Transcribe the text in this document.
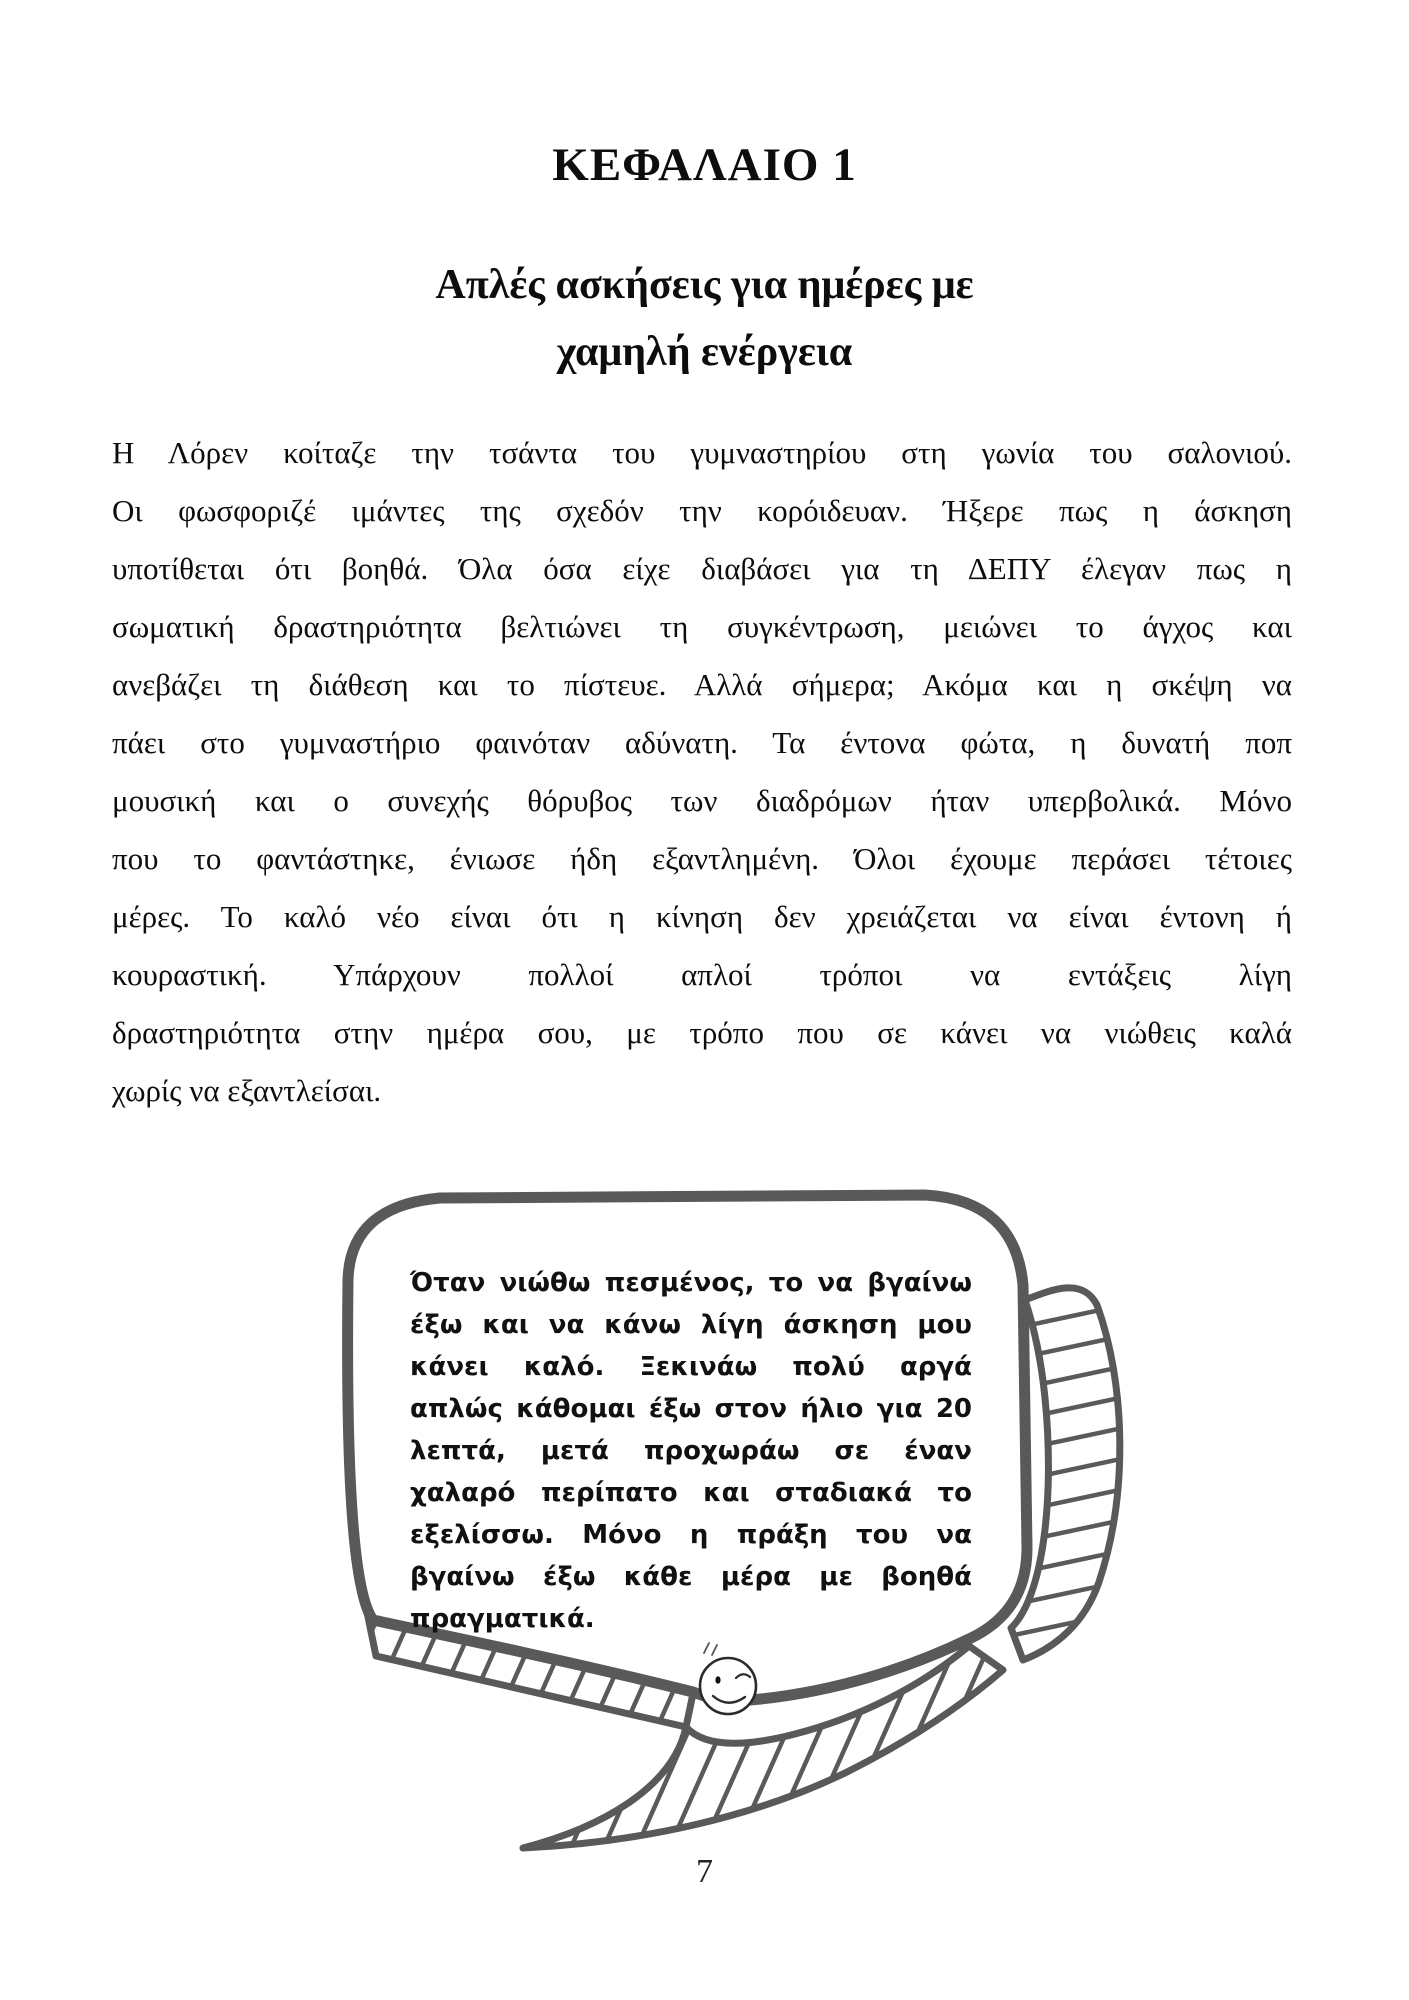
ΚΕΦΑΛΑΙΟ 1
Απλές ασκήσεις για ημέρες με
χαμηλή ενέργεια
Η Λόρεν κοίταζε την τσάντα του γυμναστηρίου στη γωνία του σαλονιού.
Οι φωσφοριζέ ιμάντες της σχεδόν την κορόιδευαν. Ήξερε πως η άσκηση
υποτίθεται ότι βοηθά. Όλα όσα είχε διαβάσει για τη ΔΕΠΥ έλεγαν πως η
σωματική δραστηριότητα βελτιώνει τη συγκέντρωση, μειώνει το άγχος και
ανεβάζει τη διάθεση και το πίστευε. Αλλά σήμερα; Ακόμα και η σκέψη να
πάει στο γυμναστήριο φαινόταν αδύνατη. Τα έντονα φώτα, η δυνατή ποπ
μουσική και ο συνεχής θόρυβος των διαδρόμων ήταν υπερβολικά. Μόνο
που το φαντάστηκε, ένιωσε ήδη εξαντλημένη. Όλοι έχουμε περάσει τέτοιες
μέρες. Το καλό νέο είναι ότι η κίνηση δεν χρειάζεται να είναι έντονη ή
κουραστική. Υπάρχουν πολλοί απλοί τρόποι να εντάξεις λίγη
δραστηριότητα στην ημέρα σου, με τρόπο που σε κάνει να νιώθεις καλά
χωρίς να εξαντλείσαι.
Όταν νιώθω πεσμένος, το να βγαίνω
έξω και να κάνω λίγη άσκηση μου
κάνει καλό. Ξεκινάω πολύ αργά
απλώς κάθομαι έξω στον ήλιο για 20
λεπτά, μετά προχωράω σε έναν
χαλαρό περίπατο και σταδιακά το
εξελίσσω. Μόνο η πράξη του να
βγαίνω έξω κάθε μέρα με βοηθά
πραγματικά.
7
